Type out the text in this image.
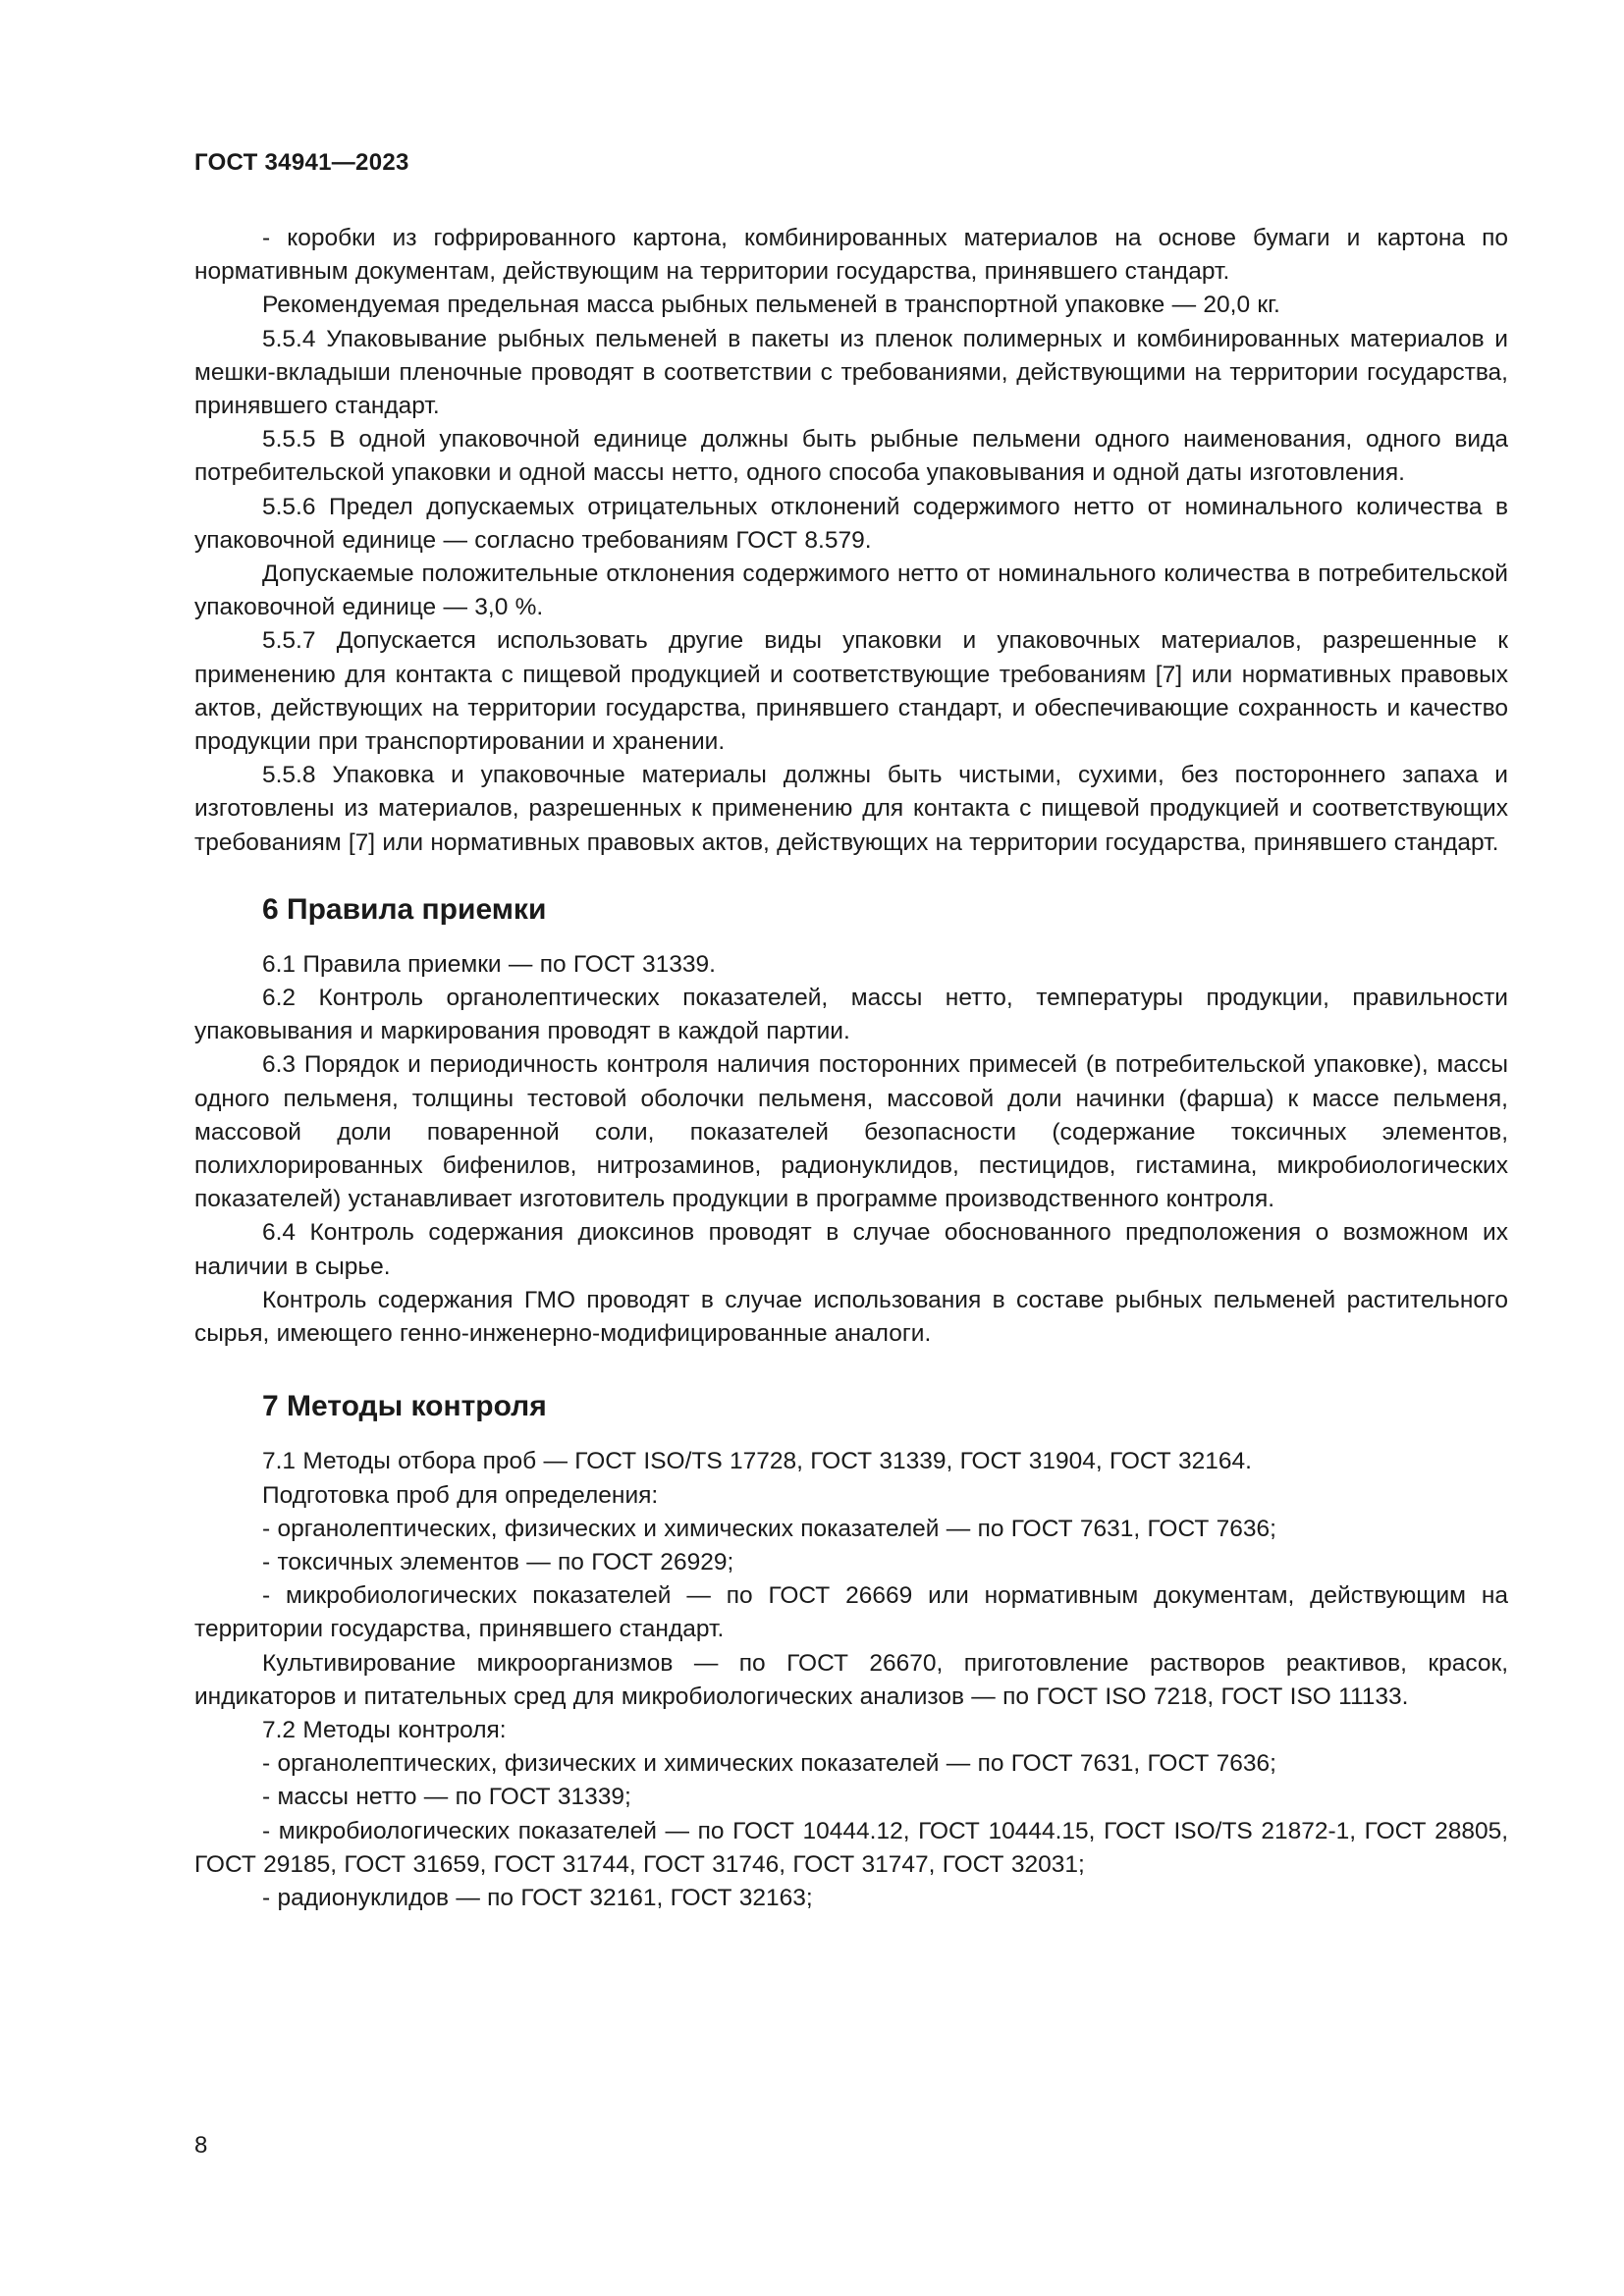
ГОСТ 34941—2023

- коробки из гофрированного картона, комбинированных материалов на основе бумаги и картона по нормативным документам, действующим на территории государства, принявшего стандарт.

Рекомендуемая предельная масса рыбных пельменей в транспортной упаковке — 20,0 кг.

5.5.4 Упаковывание рыбных пельменей в пакеты из пленок полимерных и комбинированных материалов и мешки-вкладыши пленочные проводят в соответствии с требованиями, действующими на территории государства, принявшего стандарт.

5.5.5 В одной упаковочной единице должны быть рыбные пельмени одного наименования, одного вида потребительской упаковки и одной массы нетто, одного способа упаковывания и одной даты изготовления.

5.5.6 Предел допускаемых отрицательных отклонений содержимого нетто от номинального количества в упаковочной единице — согласно требованиям ГОСТ 8.579.

Допускаемые положительные отклонения содержимого нетто от номинального количества в потребительской упаковочной единице — 3,0 %.

5.5.7 Допускается использовать другие виды упаковки и упаковочных материалов, разрешенные к применению для контакта с пищевой продукцией и соответствующие требованиям [7] или нормативных правовых актов, действующих на территории государства, принявшего стандарт, и обеспечивающие сохранность и качество продукции при транспортировании и хранении.

5.5.8 Упаковка и упаковочные материалы должны быть чистыми, сухими, без постороннего запаха и изготовлены из материалов, разрешенных к применению для контакта с пищевой продукцией и соответствующих требованиям [7] или нормативных правовых актов, действующих на территории государства, принявшего стандарт.

6 Правила приемки

6.1 Правила приемки — по ГОСТ 31339.

6.2 Контроль органолептических показателей, массы нетто, температуры продукции, правильности упаковывания и маркирования проводят в каждой партии.

6.3 Порядок и периодичность контроля наличия посторонних примесей (в потребительской упаковке), массы одного пельменя, толщины тестовой оболочки пельменя, массовой доли начинки (фарша) к массе пельменя, массовой доли поваренной соли, показателей безопасности (содержание токсичных элементов, полихлорированных бифенилов, нитрозаминов, радионуклидов, пестицидов, гистамина, микробиологических показателей) устанавливает изготовитель продукции в программе производственного контроля.

6.4 Контроль содержания диоксинов проводят в случае обоснованного предположения о возможном их наличии в сырье.

Контроль содержания ГМО проводят в случае использования в составе рыбных пельменей растительного сырья, имеющего генно-инженерно-модифицированные аналоги.

7 Методы контроля

7.1 Методы отбора проб — ГОСТ ISO/TS 17728, ГОСТ 31339, ГОСТ 31904, ГОСТ 32164.

Подготовка проб для определения:

- органолептических, физических и химических показателей — по ГОСТ 7631, ГОСТ 7636;

- токсичных элементов — по ГОСТ 26929;

- микробиологических показателей — по ГОСТ 26669 или нормативным документам, действующим на территории государства, принявшего стандарт.

Культивирование микроорганизмов — по ГОСТ 26670, приготовление растворов реактивов, красок, индикаторов и питательных сред для микробиологических анализов — по ГОСТ ISO 7218, ГОСТ ISO 11133.

7.2 Методы контроля:

- органолептических, физических и химических показателей — по ГОСТ 7631, ГОСТ 7636;

- массы нетто — по ГОСТ 31339;

- микробиологических показателей — по ГОСТ 10444.12, ГОСТ 10444.15, ГОСТ ISO/TS 21872-1, ГОСТ 28805, ГОСТ 29185, ГОСТ 31659, ГОСТ 31744, ГОСТ 31746, ГОСТ 31747, ГОСТ 32031;

- радионуклидов — по ГОСТ 32161, ГОСТ 32163;

8
